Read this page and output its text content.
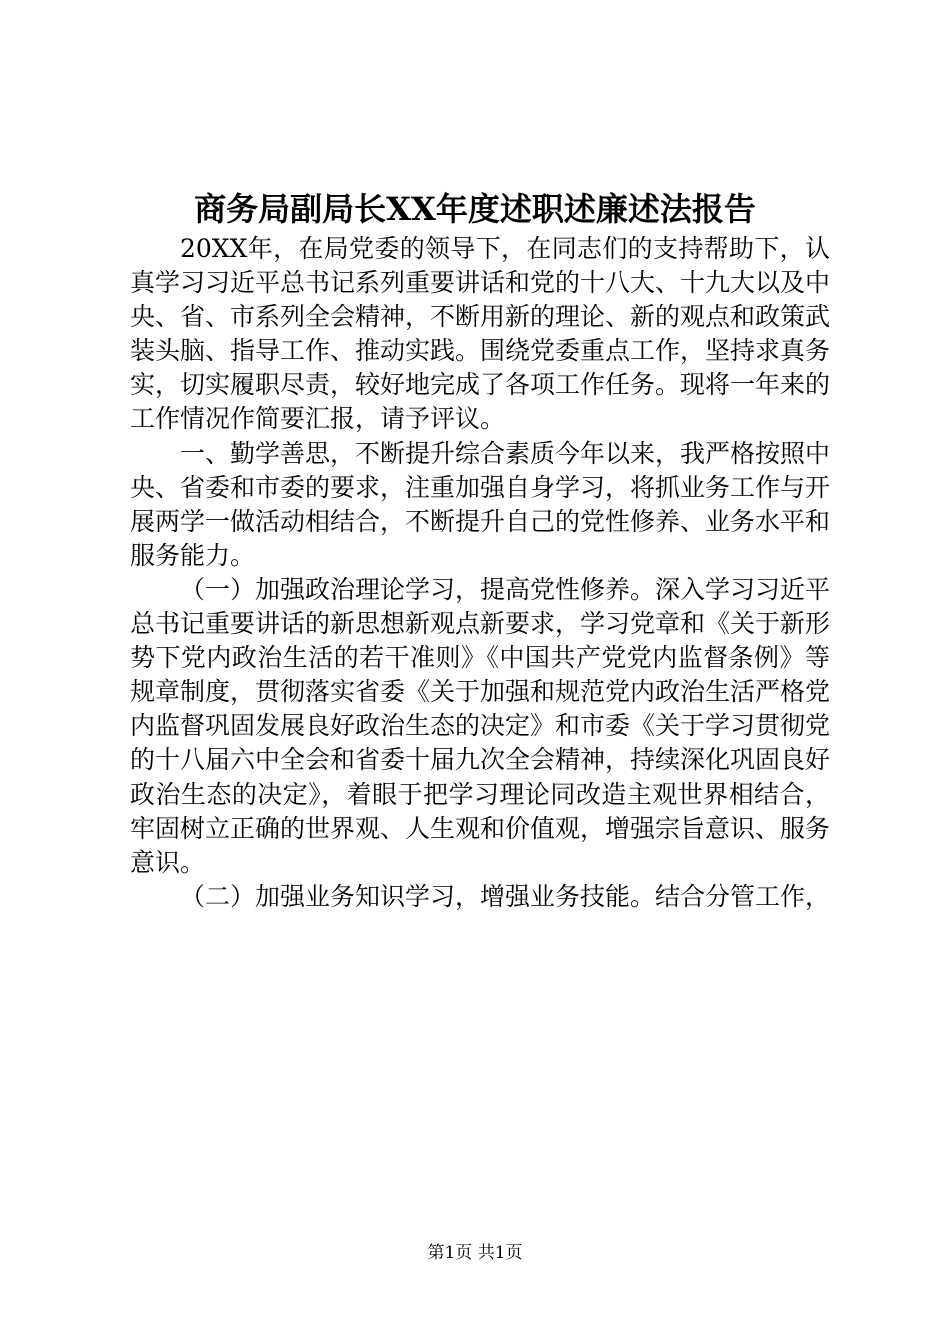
商务局副局长XX年度述职述廉述法报告

20XX年，在局党委的领导下，在同志们的支持帮助下，认真学习习近平总书记系列重要讲话和党的十八大、十九大以及中央、省、市系列全会精神，不断用新的理论、新的观点和政策武装头脑、指导工作、推动实践。围绕党委重点工作，坚持求真务实，切实履职尽责，较好地完成了各项工作任务。现将一年来的工作情况作简要汇报，请予评议。

一、勤学善思，不断提升综合素质今年以来，我严格按照中央、省委和市委的要求，注重加强自身学习，将抓业务工作与开展两学一做活动相结合，不断提升自己的党性修养、业务水平和服务能力。

（一）加强政治理论学习，提高党性修养。深入学习习近平总书记重要讲话的新思想新观点新要求，学习党章和《关于新形势下党内政治生活的若干准则》《中国共产党党内监督条例》等规章制度，贯彻落实省委《关于加强和规范党内政治生活严格党内监督巩固发展良好政治生态的决定》和市委《关于学习贯彻党的十八届六中全会和省委十届九次全会精神，持续深化巩固良好政治生态的决定》，着眼于把学习理论同改造主观世界相结合，牢固树立正确的世界观、人生观和价值观，增强宗旨意识、服务意识。

（二）加强业务知识学习，增强业务技能。结合分管工作，

第1页 共1页
